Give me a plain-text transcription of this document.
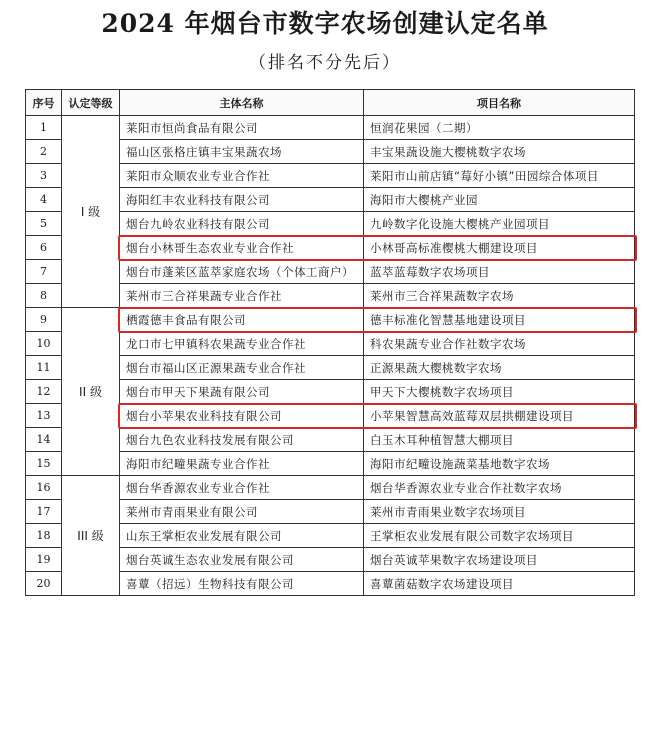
2024 年烟台市数字农场创建认定名单
（排名不分先后）
序号	认定等级	主体名称	项目名称
1	I 级	莱阳市恒尚食品有限公司	恒润花果园（二期）
2		福山区张格庄镇丰宝果蔬农场	丰宝果蔬设施大樱桃数字农场
3		莱阳市众顺农业专业合作社	莱阳市山前店镇“莓好小镇”田园综合体项目
4		海阳红丰农业科技有限公司	海阳市大樱桃产业园
5		烟台九岭农业科技有限公司	九岭数字化设施大樱桃产业园项目
6		烟台小林哥生态农业专业合作社	小林哥高标准樱桃大棚建设项目
7		烟台市蓬莱区蓝萃家庭农场（个体工商户）	蓝萃蓝莓数字农场项目
8		莱州市三合祥果蔬专业合作社	莱州市三合祥果蔬数字农场
9	II 级	栖霞德丰食品有限公司	德丰标准化智慧基地建设项目
10		龙口市七甲镇科农果蔬专业合作社	科农果蔬专业合作社数字农场
11		烟台市福山区正源果蔬专业合作社	正源果蔬大樱桃数字农场
12		烟台市甲天下果蔬有限公司	甲天下大樱桃数字农场项目
13		烟台小苹果农业科技有限公司	小苹果智慧高效蓝莓双层拱棚建设项目
14		烟台九色农业科技发展有限公司	白玉木耳种植智慧大棚项目
15		海阳市纪疃果蔬专业合作社	海阳市纪疃设施蔬菜基地数字农场
16	III 级	烟台华香源农业专业合作社	烟台华香源农业专业合作社数字农场
17		莱州市青雨果业有限公司	莱州市青雨果业数字农场项目
18		山东王掌柜农业发展有限公司	王掌柜农业发展有限公司数字农场项目
19		烟台英诚生态农业发展有限公司	烟台英诚苹果数字农场建设项目
20		喜蕈（招远）生物科技有限公司	喜蕈菌菇数字农场建设项目
